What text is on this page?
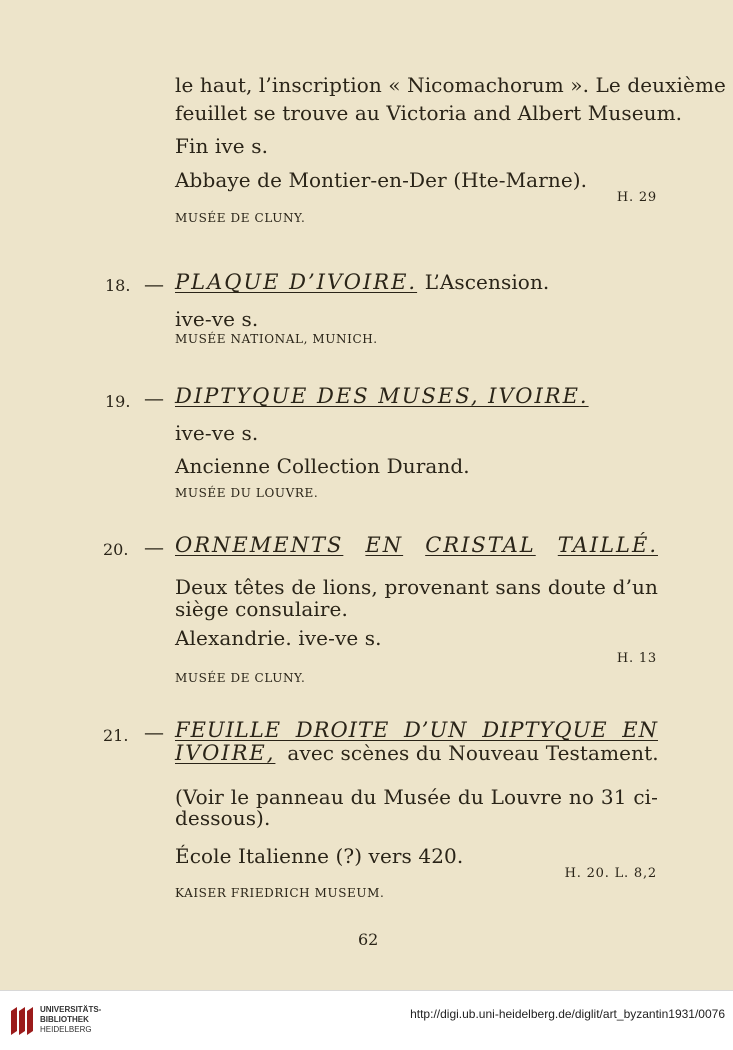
le haut, l’inscription « Nicomachorum ». Le deuxième
feuillet se trouve au Victoria and Albert Museum.
Fin ive s.
Abbaye de Montier-en-Der (Hte-Marne).
H. 29
MUSÉE DE CLUNY.
18. — PLAQUE D’IVOIRE. L’Ascension.
ive-ve s.
MUSÉE NATIONAL, MUNICH.
19. — DIPTYQUE DES MUSES, IVOIRE.
ive-ve s.
Ancienne Collection Durand.
MUSÉE DU LOUVRE.
20. — ORNEMENTS EN CRISTAL TAILLÉ.
Deux têtes de lions, provenant sans doute d’un
siège consulaire.
Alexandrie. ive-ve s.
H. 13
MUSÉE DE CLUNY.
21. — FEUILLE DROITE D’UN DIPTYQUE EN
IVOIRE, avec scènes du Nouveau Testament.
(Voir le panneau du Musée du Louvre no 31 ci-
dessous).
École Italienne (?) vers 420.
H. 20. L. 8,2
KAISER FRIEDRICH MUSEUM.
62
UNIVERSITÄTS-
BIBLIOTHEK
HEIDELBERG
http://digi.ub.uni-heidelberg.de/diglit/art_byzantin1931/0076
